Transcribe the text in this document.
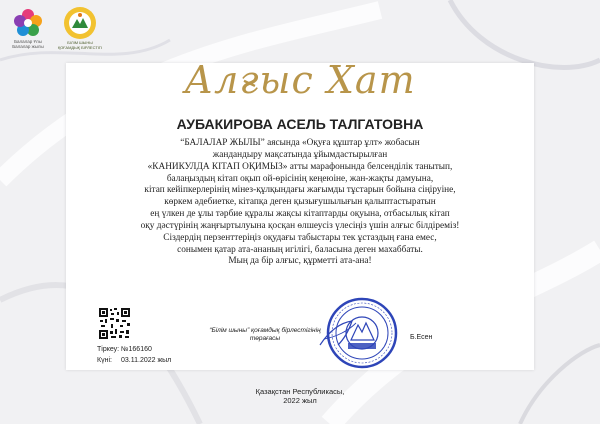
Балалар Ұлы Балалар жылы
БІЛІМ ШЫНЫ ҚОҒАМДЫҚ БІРЛЕСТІГІ
Алғыс Хат
АУБАКИРОВА АСЕЛЬ ТАЛГАТОВНА
“БАЛАЛАР ЖЫЛЫ” аясында «Оқуға құштар ұлт» жобасын
жандандыру мақсатында ұйымдастырылған
«КАНИКУЛДА КІТАП ОҚИМЫЗ» атты марафонында белсенділік танытып,
балаңыздың кітап оқып ой-өрісінің кеңеюіне, жан-жақты дамуына,
кітап кейіпкерлерінің мінез-құлқындағы жағымды тұстарын бойына сіңіруіне,
көркем әдебиетке, кітапқа деген қызығушылығын қалыптастыратын
ең үлкен де ұлы тәрбие құралы жақсы кітаптарды оқуына, отбасылық кітап
оқу дәстүрінің жаңғыртылуына қосқан өлшеусіз үлесіңіз үшін алғыс білдіреміз!
Сіздердің перзенттеріңіз оқудағы табыстары тек ұстаздың ғана емес,
сонымен қатар ата-ананың игілігі, баласына деген махаббаты.
Мың да бір алғыс, құрметті ата-ана!
Тіркеу: №166160
Күні: 03.11.2022 жыл
“Білім шыны” қоғамдық бірлестігінің төрағасы	Б.Есен
Қазақстан Республикасы,
2022 жыл
